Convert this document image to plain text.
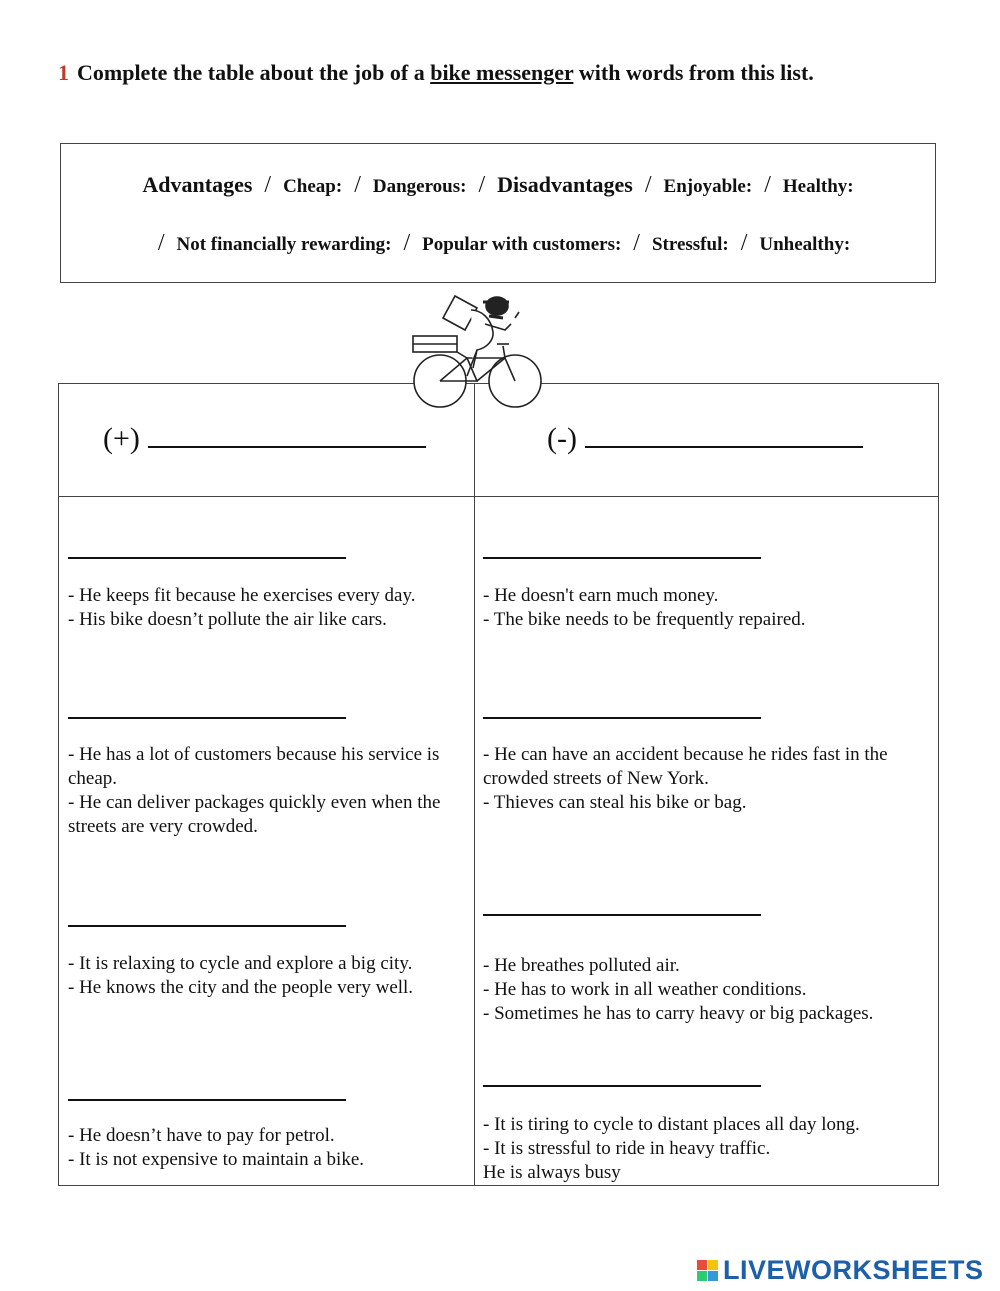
1 Complete the table about the job of a bike messenger with words from this list.
Advantages / Cheap: / Dangerous: / Disadvantages / Enjoyable: / Healthy:
/ Not financially rewarding: / Popular with customers: / Stressful: / Unhealthy:
(+)	(-)
- He keeps fit because he exercises every day.
- His bike doesn’t pollute the air like cars.
- He has a lot of customers because his service is cheap.
- He can deliver packages quickly even when the streets are very crowded.
- It is relaxing to cycle and explore a big city.
- He knows the city and the people very well.
- He doesn’t have to pay for petrol.
- It is not expensive to maintain a bike.
- He doesn't earn much money.
- The bike needs to be frequently repaired.
- He can have an accident because he rides fast in the crowded streets of New York.
- Thieves can steal his bike or bag.
- He breathes polluted air.
- He has to work in all weather conditions.
- Sometimes he has to carry heavy or big packages.
- It is tiring to cycle to distant places all day long.
- It is stressful to ride in heavy traffic.
He is always busy
LIVEWORKSHEETS
